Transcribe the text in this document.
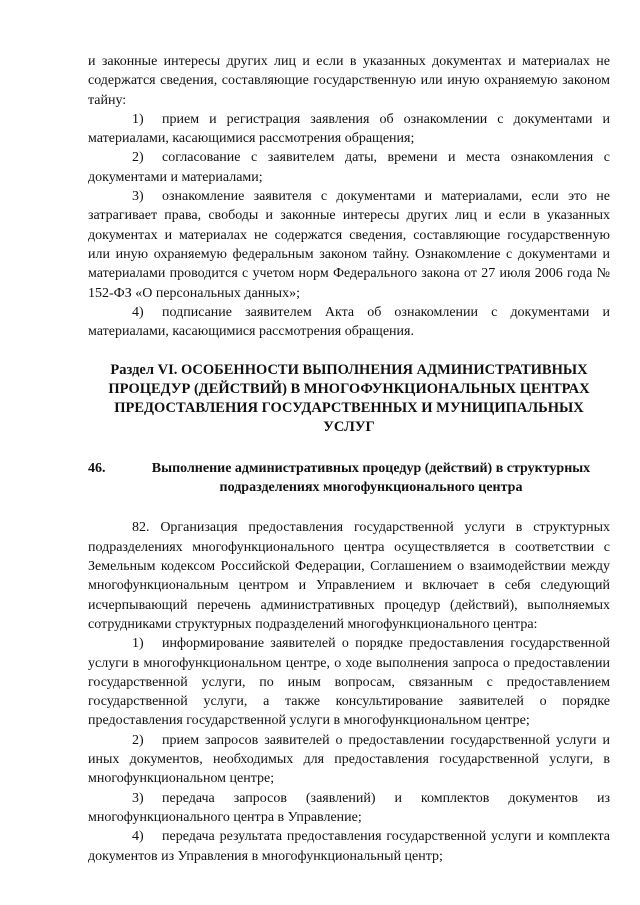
и законные интересы других лиц и если в указанных документах и материалах не содержатся сведения, составляющие государственную или иную охраняемую законом тайну:

1) прием и регистрация заявления об ознакомлении с документами и материалами, касающимися рассмотрения обращения;

2) согласование с заявителем даты, времени и места ознакомления с документами и материалами;

3) ознакомление заявителя с документами и материалами, если это не затрагивает права, свободы и законные интересы других лиц и если в указанных документах и материалах не содержатся сведения, составляющие государственную или иную охраняемую федеральным законом тайну. Ознакомление с документами и материалами проводится с учетом норм Федерального закона от 27 июля 2006 года № 152-ФЗ «О персональных данных»;

4) подписание заявителем Акта об ознакомлении с документами и материалами, касающимися рассмотрения обращения.

Раздел VI. ОСОБЕННОСТИ ВЫПОЛНЕНИЯ АДМИНИСТРАТИВНЫХ ПРОЦЕДУР (ДЕЙСТВИЙ) В МНОГОФУНКЦИОНАЛЬНЫХ ЦЕНТРАХ ПРЕДОСТАВЛЕНИЯ ГОСУДАРСТВЕННЫХ И МУНИЦИПАЛЬНЫХ УСЛУГ

46.	Выполнение административных процедур (действий) в структурных подразделениях многофункционального центра

82. Организация предоставления государственной услуги в структурных подразделениях многофункционального центра осуществляется в соответствии с Земельным кодексом Российской Федерации, Соглашением о взаимодействии между многофункциональным центром и Управлением и включает в себя следующий исчерпывающий перечень административных процедур (действий), выполняемых сотрудниками структурных подразделений многофункционального центра:

1) информирование заявителей о порядке предоставления государственной услуги в многофункциональном центре, о ходе выполнения запроса о предоставлении государственной услуги, по иным вопросам, связанным с предоставлением государственной услуги, а также консультирование заявителей о порядке предоставления государственной услуги в многофункциональном центре;

2) прием запросов заявителей о предоставлении государственной услуги и иных документов, необходимых для предоставления государственной услуги, в многофункциональном центре;

3) передача запросов (заявлений) и комплектов документов из многофункционального центра в Управление;

4) передача результата предоставления государственной услуги и комплекта документов из Управления в многофункциональный центр;
